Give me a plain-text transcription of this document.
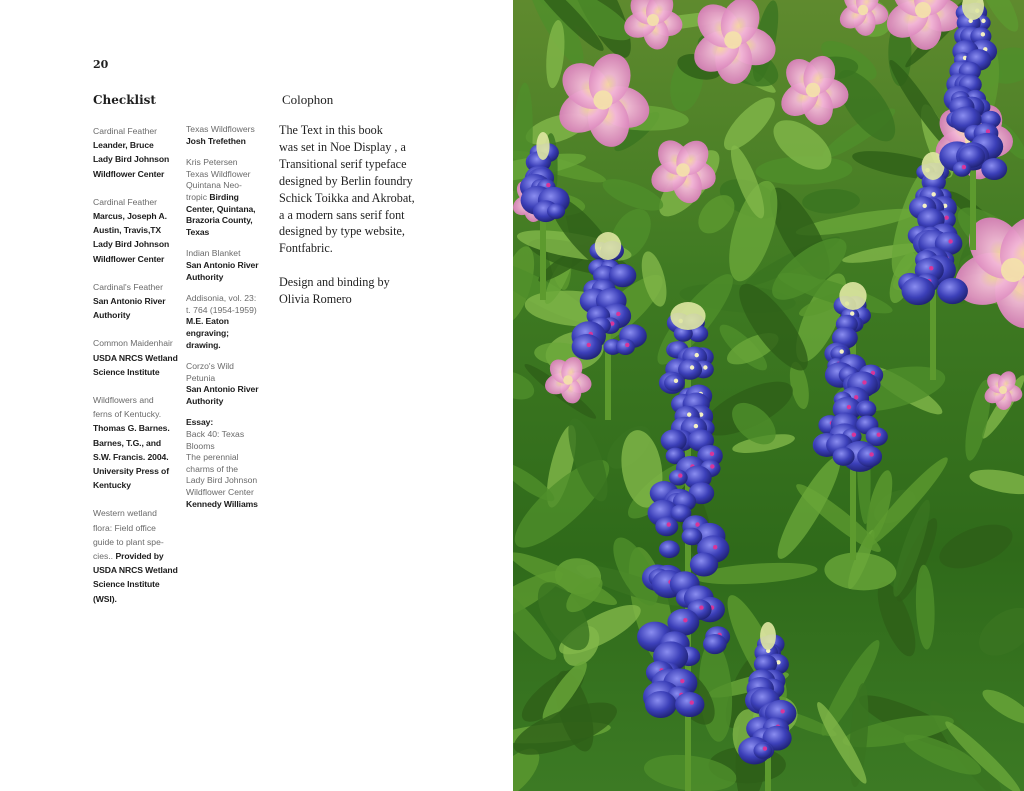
20
Checklist
Cardinal Feather
Leander, Bruce
Lady Bird Johnson
Wildflower Center
Cardinal Feather
Marcus, Joseph A.
Austin, Travis,TX
Lady Bird Johnson
Wildflower Center
Cardinal's Feather
San Antonio River
Authority
Common Maidenhair
USDA NRCS Wetland
Science Institute
Wildflowers and
ferns of Kentucky.
Thomas G. Barnes.
Barnes, T.G., and
S.W. Francis. 2004.
University Press of
Kentucky
Western wetland
flora: Field office
guide to plant spe-
cies.. Provided by
USDA NRCS Wetland
Science Institute
(WSI).
Texas Wildflowers
Josh Trefethen
Kris Petersen
Texas Wildflower
Quintana Neo-
tropic Birding
Center, Quintana,
Brazoria County,
Texas
Indian Blanket
San Antonio River
Authority
Addisonia, vol. 23:
t. 764 (1954-1959)
M.E. Eaton
engraving;
drawing.
Corzo's Wild
Petunia
San Antonio River
Authority
Essay:
Back 40: Texas
Blooms
The perennial
charms of the
Lady Bird Johnson
Wildflower Center
Kennedy Williams
Colophon

The Text in this book
was set in Noe Display , a
Transitional serif typeface
designed by Berlin foundry
Schick Toikka and Akrobat,
a a modern sans serif font
designed by type website,
Fontfabric.

Design and binding by
Olivia Romero
